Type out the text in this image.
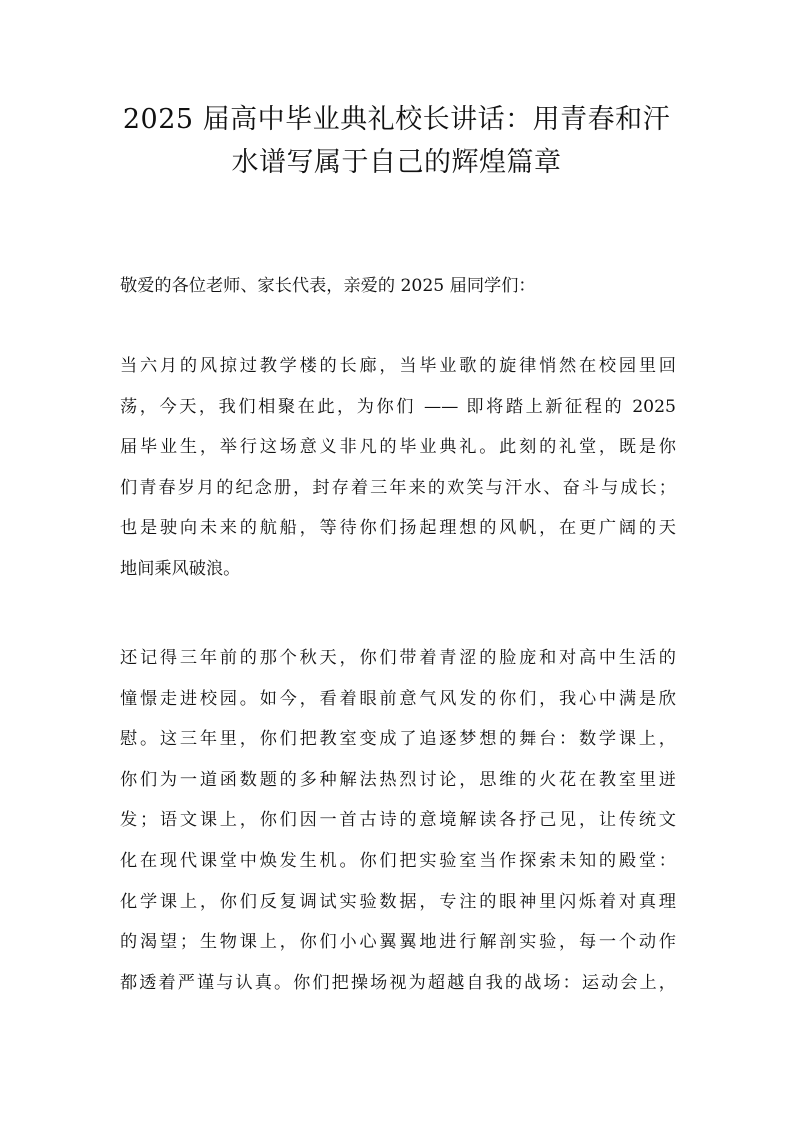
2025 届高中毕业典礼校长讲话：用青春和汗
水谱写属于自己的辉煌篇章

敬爱的各位老师、家长代表，亲爱的 2025 届同学们：

当六月的风掠过教学楼的长廊，当毕业歌的旋律悄然在校园里回
荡，今天，我们相聚在此，为你们 —— 即将踏上新征程的 2025
届毕业生，举行这场意义非凡的毕业典礼。此刻的礼堂，既是你
们青春岁月的纪念册，封存着三年来的欢笑与汗水、奋斗与成长；
也是驶向未来的航船，等待你们扬起理想的风帆，在更广阔的天
地间乘风破浪。

还记得三年前的那个秋天，你们带着青涩的脸庞和对高中生活的
憧憬走进校园。如今，看着眼前意气风发的你们，我心中满是欣
慰。这三年里，你们把教室变成了追逐梦想的舞台：数学课上，
你们为一道函数题的多种解法热烈讨论，思维的火花在教室里迸
发；语文课上，你们因一首古诗的意境解读各抒己见，让传统文
化在现代课堂中焕发生机。你们把实验室当作探索未知的殿堂：
化学课上，你们反复调试实验数据，专注的眼神里闪烁着对真理
的渴望；生物课上，你们小心翼翼地进行解剖实验，每一个动作
都透着严谨与认真。你们把操场视为超越自我的战场：运动会上，
